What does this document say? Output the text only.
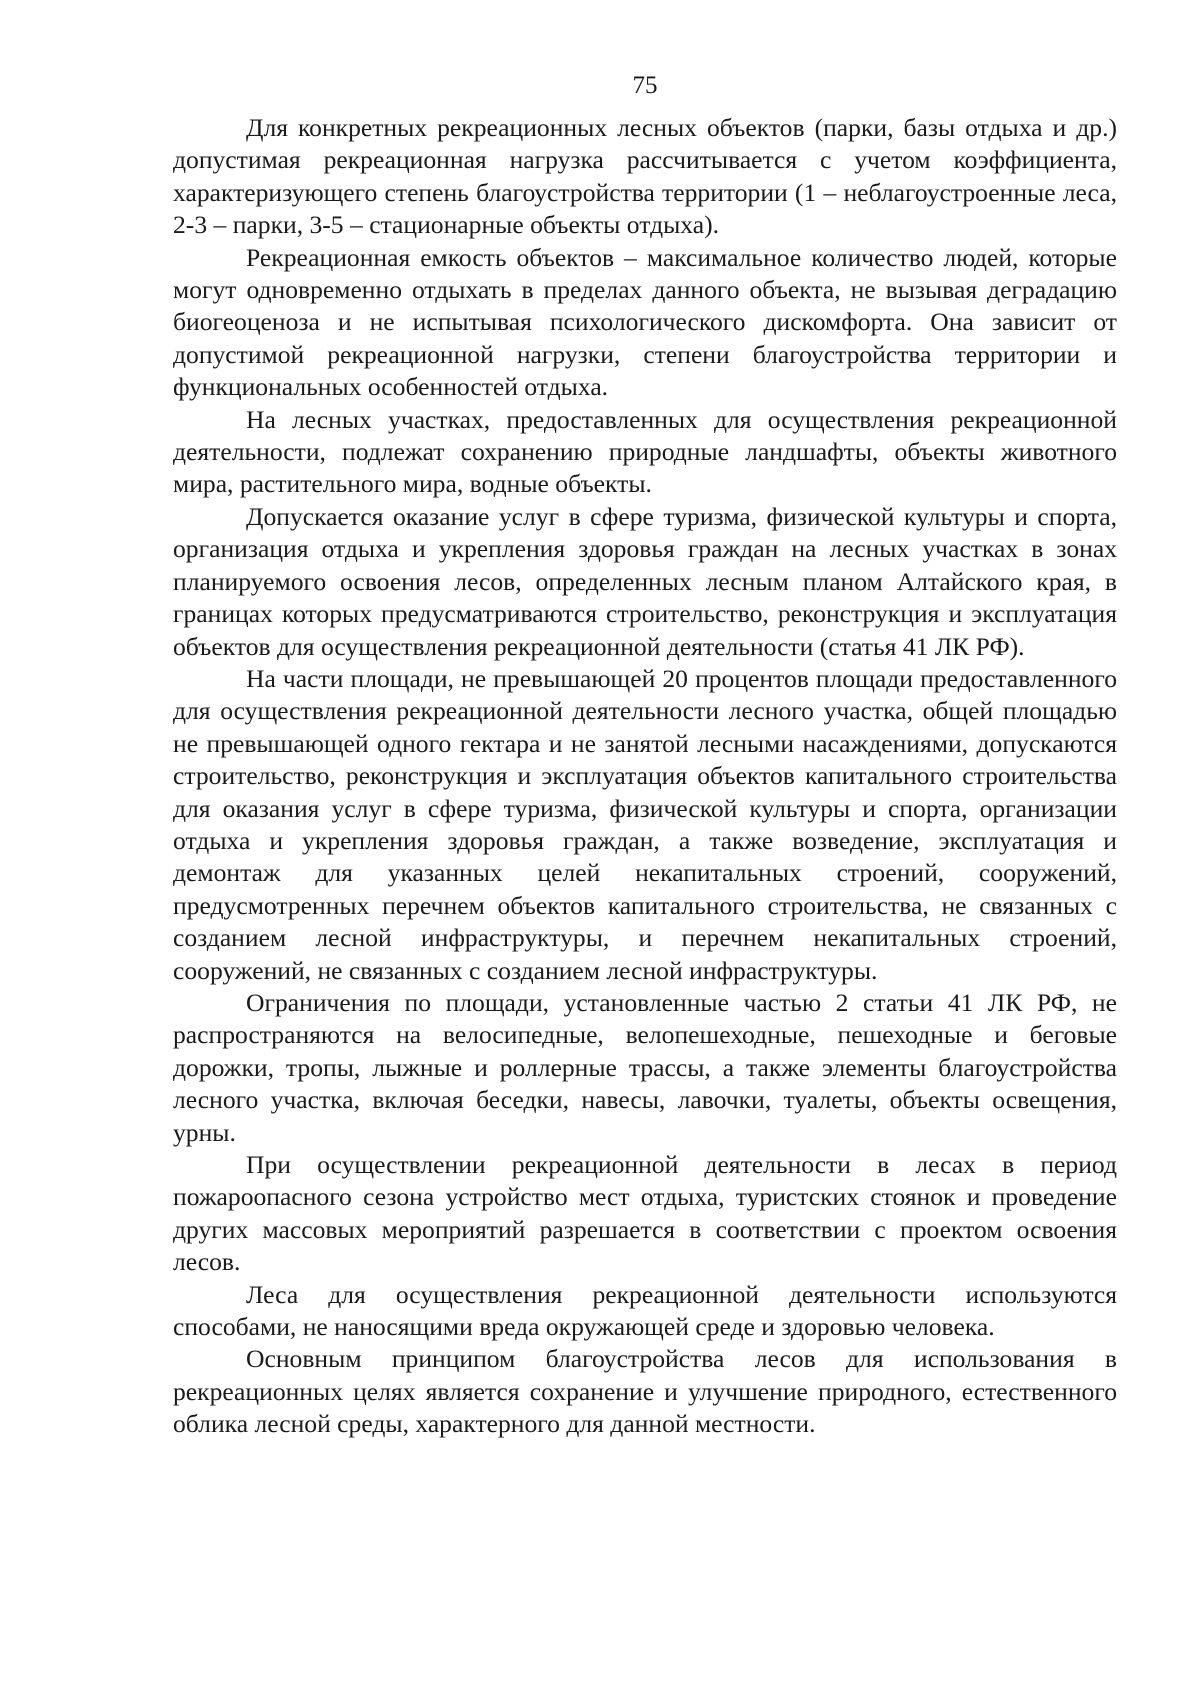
75

Для конкретных рекреационных лесных объектов (парки, базы отдыха и др.) допустимая рекреационная нагрузка рассчитывается с учетом коэффициента, характеризующего степень благоустройства территории (1 – неблагоустроенные леса, 2-3 – парки, 3-5 – стационарные объекты отдыха).

Рекреационная емкость объектов – максимальное количество людей, которые могут одновременно отдыхать в пределах данного объекта, не вызывая деградацию биогеоценоза и не испытывая психологического дискомфорта. Она зависит от допустимой рекреационной нагрузки, степени благоустройства территории и функциональных особенностей отдыха.

На лесных участках, предоставленных для осуществления рекреационной деятельности, подлежат сохранению природные ландшафты, объекты животного мира, растительного мира, водные объекты.

Допускается оказание услуг в сфере туризма, физической культуры и спорта, организация отдыха и укрепления здоровья граждан на лесных участках в зонах планируемого освоения лесов, определенных лесным планом Алтайского края, в границах которых предусматриваются строительство, реконструкция и эксплуатация объектов для осуществления рекреационной деятельности (статья 41 ЛК РФ).

На части площади, не превышающей 20 процентов площади предоставленного для осуществления рекреационной деятельности лесного участка, общей площадью не превышающей одного гектара и не занятой лесными насаждениями, допускаются строительство, реконструкция и эксплуатация объектов капитального строительства для оказания услуг в сфере туризма, физической культуры и спорта, организации отдыха и укрепления здоровья граждан, а также возведение, эксплуатация и демонтаж для указанных целей некапитальных строений, сооружений, предусмотренных перечнем объектов капитального строительства, не связанных с созданием лесной инфраструктуры, и перечнем некапитальных строений, сооружений, не связанных с созданием лесной инфраструктуры.

Ограничения по площади, установленные частью 2 статьи 41 ЛК РФ, не распространяются на велосипедные, велопешеходные, пешеходные и беговые дорожки, тропы, лыжные и роллерные трассы, а также элементы благоустройства лесного участка, включая беседки, навесы, лавочки, туалеты, объекты освещения, урны.

При осуществлении рекреационной деятельности в лесах в период пожароопасного сезона устройство мест отдыха, туристских стоянок и проведение других массовых мероприятий разрешается в соответствии с проектом освоения лесов.

Леса для осуществления рекреационной деятельности используются способами, не наносящими вреда окружающей среде и здоровью человека.

Основным принципом благоустройства лесов для использования в рекреационных целях является сохранение и улучшение природного, естественного облика лесной среды, характерного для данной местности.
